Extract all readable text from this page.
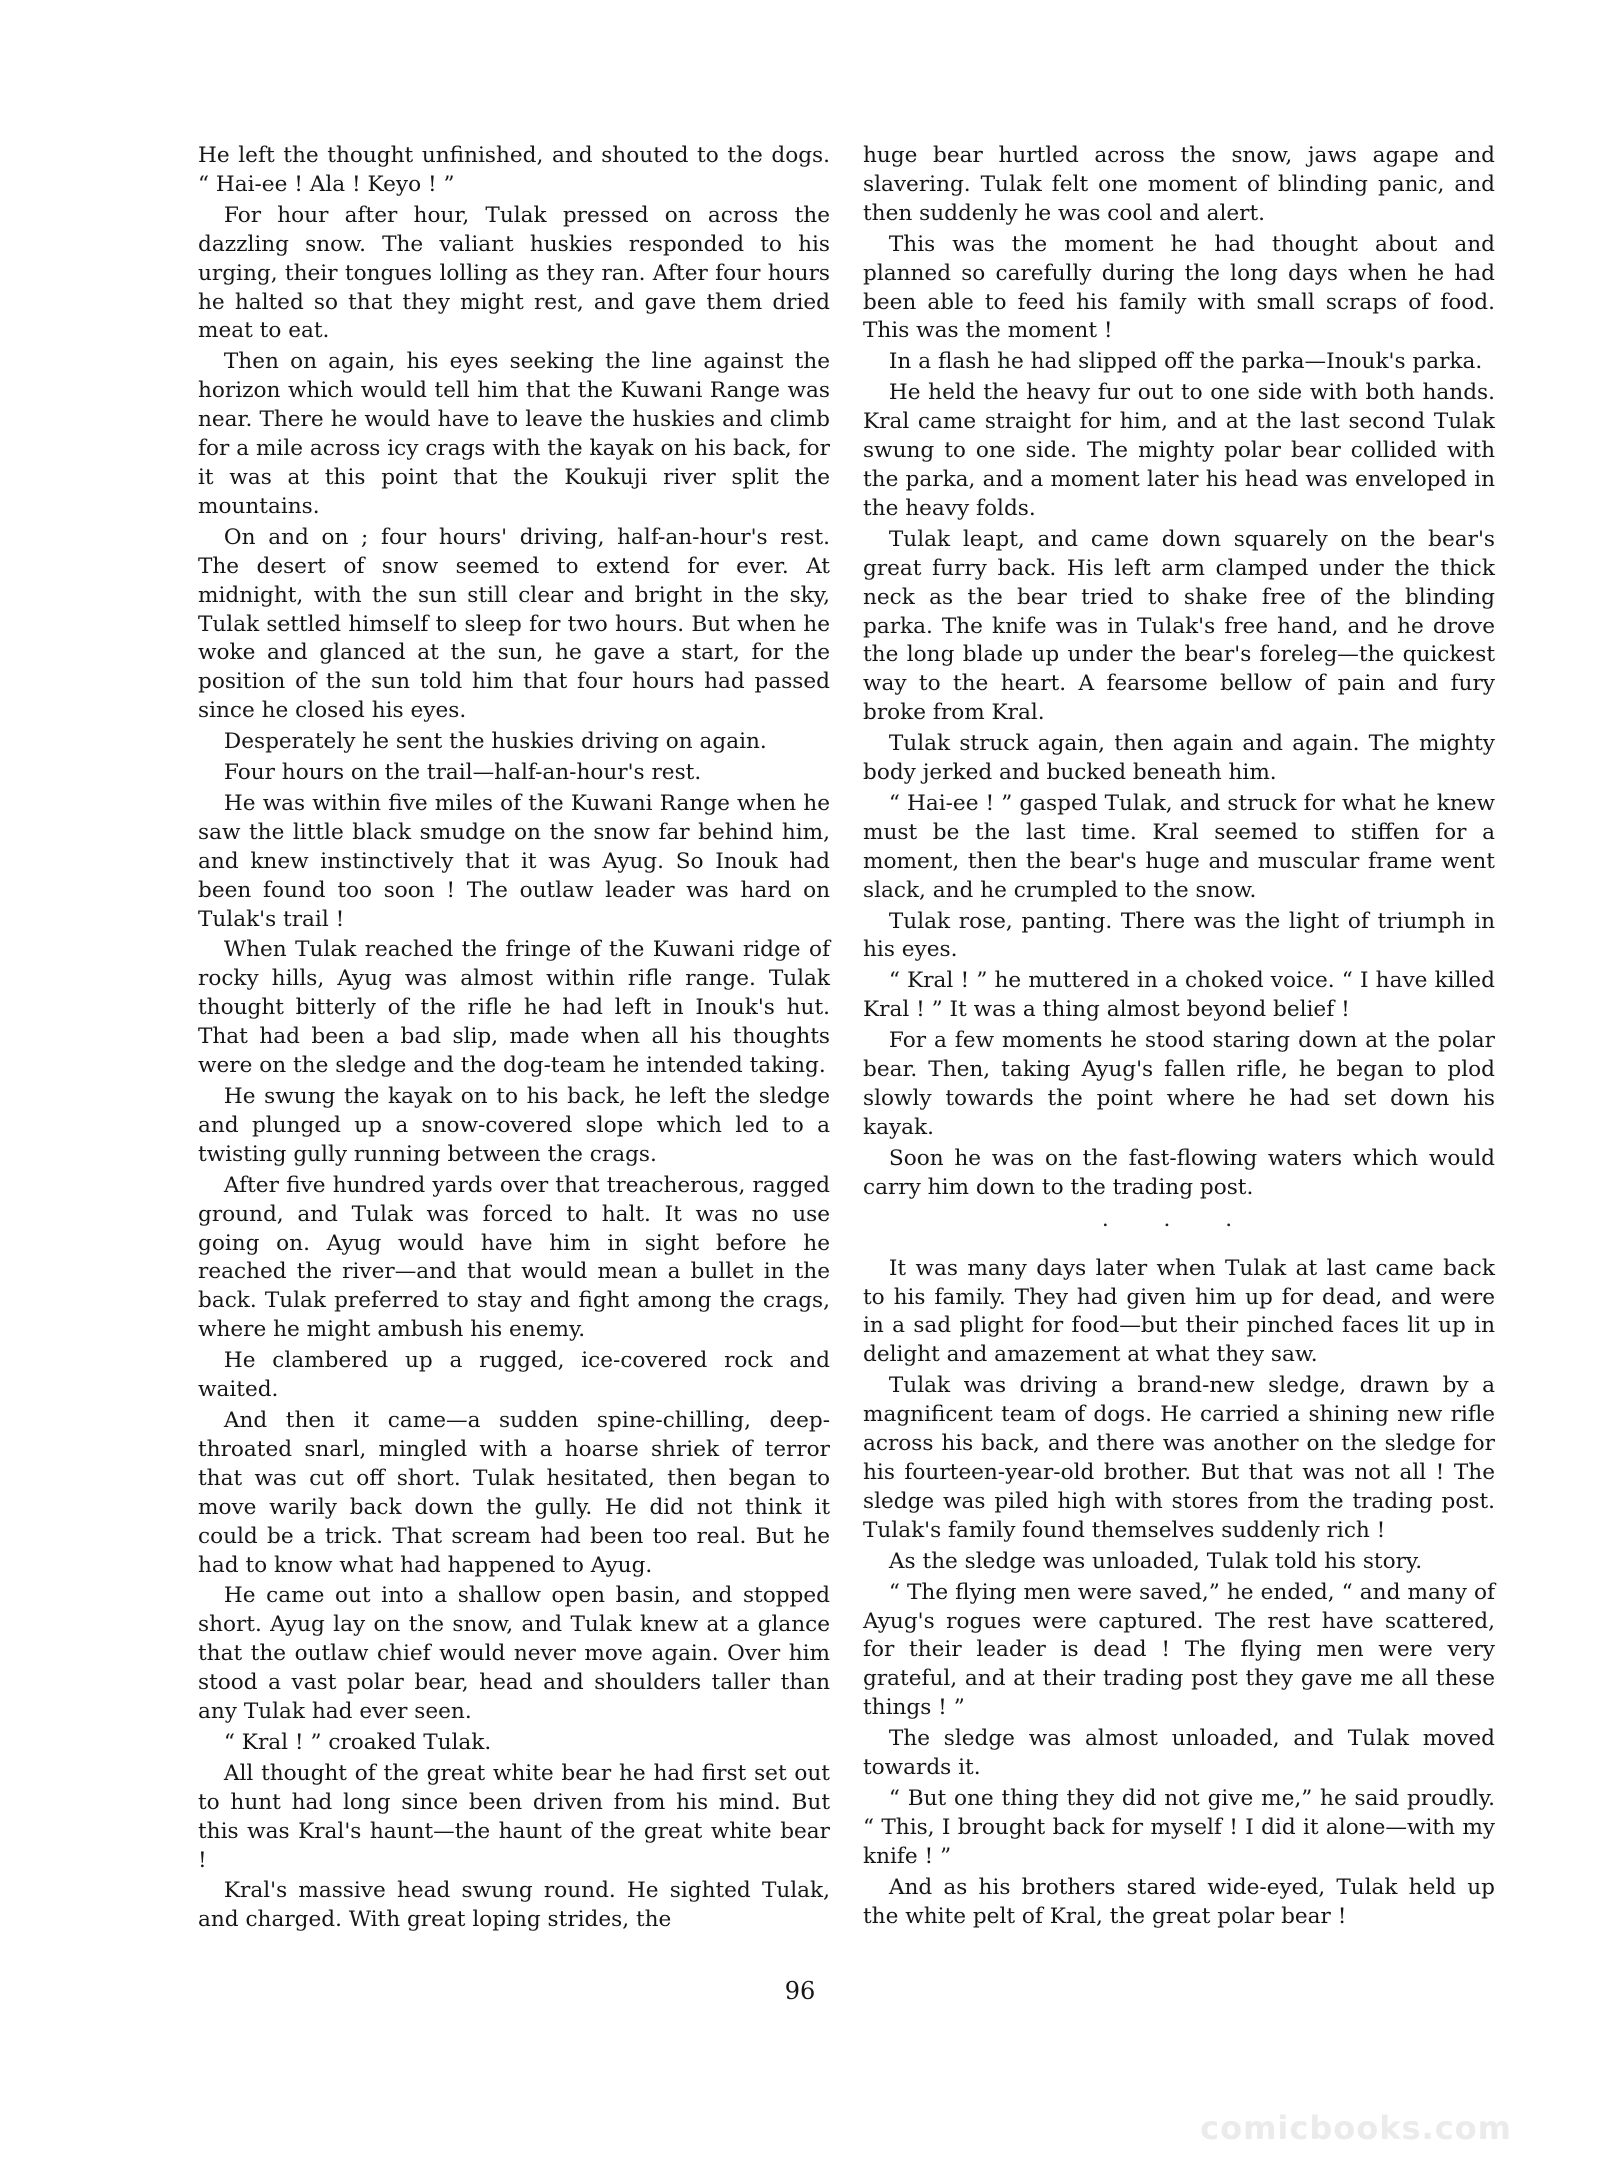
He left the thought unfinished, and shouted to the dogs. “ Hai-ee ! Ala ! Keyo ! ”

For hour after hour, Tulak pressed on across the dazzling snow. The valiant huskies responded to his urging, their tongues lolling as they ran. After four hours he halted so that they might rest, and gave them dried meat to eat.

Then on again, his eyes seeking the line against the horizon which would tell him that the Kuwani Range was near. There he would have to leave the huskies and climb for a mile across icy crags with the kayak on his back, for it was at this point that the Koukuji river split the mountains.

On and on ; four hours' driving, half-an-hour's rest. The desert of snow seemed to extend for ever. At midnight, with the sun still clear and bright in the sky, Tulak settled himself to sleep for two hours. But when he woke and glanced at the sun, he gave a start, for the position of the sun told him that four hours had passed since he closed his eyes.

Desperately he sent the huskies driving on again.

Four hours on the trail—half-an-hour's rest.

He was within five miles of the Kuwani Range when he saw the little black smudge on the snow far behind him, and knew instinctively that it was Ayug. So Inouk had been found too soon ! The outlaw leader was hard on Tulak's trail !

When Tulak reached the fringe of the Kuwani ridge of rocky hills, Ayug was almost within rifle range. Tulak thought bitterly of the rifle he had left in Inouk's hut. That had been a bad slip, made when all his thoughts were on the sledge and the dog-team he intended taking.

He swung the kayak on to his back, he left the sledge and plunged up a snow-covered slope which led to a twisting gully running between the crags.

After five hundred yards over that treacherous, ragged ground, and Tulak was forced to halt. It was no use going on. Ayug would have him in sight before he reached the river—and that would mean a bullet in the back. Tulak preferred to stay and fight among the crags, where he might ambush his enemy.

He clambered up a rugged, ice-covered rock and waited.

And then it came—a sudden spine-chilling, deep-throated snarl, mingled with a hoarse shriek of terror that was cut off short. Tulak hesitated, then began to move warily back down the gully. He did not think it could be a trick. That scream had been too real. But he had to know what had happened to Ayug.

He came out into a shallow open basin, and stopped short. Ayug lay on the snow, and Tulak knew at a glance that the outlaw chief would never move again. Over him stood a vast polar bear, head and shoulders taller than any Tulak had ever seen.

“ Kral ! ” croaked Tulak.

All thought of the great white bear he had first set out to hunt had long since been driven from his mind. But this was Kral's haunt—the haunt of the great white bear !

Kral's massive head swung round. He sighted Tulak, and charged. With great loping strides, the

huge bear hurtled across the snow, jaws agape and slavering. Tulak felt one moment of blinding panic, and then suddenly he was cool and alert.

This was the moment he had thought about and planned so carefully during the long days when he had been able to feed his family with small scraps of food. This was the moment !

In a flash he had slipped off the parka—Inouk's parka.

He held the heavy fur out to one side with both hands. Kral came straight for him, and at the last second Tulak swung to one side. The mighty polar bear collided with the parka, and a moment later his head was enveloped in the heavy folds.

Tulak leapt, and came down squarely on the bear's great furry back. His left arm clamped under the thick neck as the bear tried to shake free of the blinding parka. The knife was in Tulak's free hand, and he drove the long blade up under the bear's foreleg—the quickest way to the heart. A fearsome bellow of pain and fury broke from Kral.

Tulak struck again, then again and again. The mighty body jerked and bucked beneath him.

“ Hai-ee ! ” gasped Tulak, and struck for what he knew must be the last time. Kral seemed to stiffen for a moment, then the bear's huge and muscular frame went slack, and he crumpled to the snow.

Tulak rose, panting. There was the light of triumph in his eyes.

“ Kral ! ” he muttered in a choked voice. “ I have killed Kral ! ” It was a thing almost beyond belief !

For a few moments he stood staring down at the polar bear. Then, taking Ayug's fallen rifle, he began to plod slowly towards the point where he had set down his kayak.

Soon he was on the fast-flowing waters which would carry him down to the trading post.

. . .

It was many days later when Tulak at last came back to his family. They had given him up for dead, and were in a sad plight for food—but their pinched faces lit up in delight and amazement at what they saw.

Tulak was driving a brand-new sledge, drawn by a magnificent team of dogs. He carried a shining new rifle across his back, and there was another on the sledge for his fourteen-year-old brother. But that was not all ! The sledge was piled high with stores from the trading post. Tulak's family found themselves suddenly rich !

As the sledge was unloaded, Tulak told his story.

“ The flying men were saved,” he ended, “ and many of Ayug's rogues were captured. The rest have scattered, for their leader is dead ! The flying men were very grateful, and at their trading post they gave me all these things ! ”

The sledge was almost unloaded, and Tulak moved towards it.

“ But one thing they did not give me,” he said proudly. “ This, I brought back for myself ! I did it alone—with my knife ! ”

And as his brothers stared wide-eyed, Tulak held up the white pelt of Kral, the great polar bear !

96
comicbooks.com
